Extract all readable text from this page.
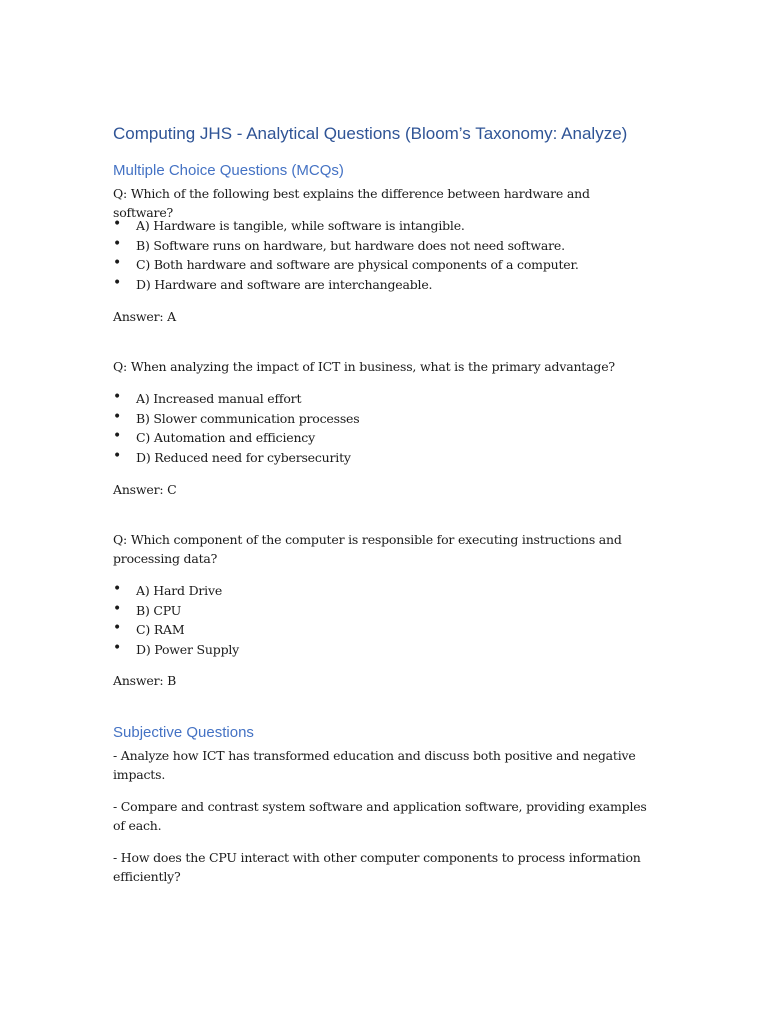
Computing JHS - Analytical Questions (Bloom’s Taxonomy: Analyze)
Multiple Choice Questions (MCQs)

Q: Which of the following best explains the difference between hardware and software?

• A) Hardware is tangible, while software is intangible.
• B) Software runs on hardware, but hardware does not need software.
• C) Both hardware and software are physical components of a computer.
• D) Hardware and software are interchangeable.

Answer: A

Q: When analyzing the impact of ICT in business, what is the primary advantage?

• A) Increased manual effort
• B) Slower communication processes
• C) Automation and efficiency
• D) Reduced need for cybersecurity

Answer: C

Q: Which component of the computer is responsible for executing instructions and processing data?

• A) Hard Drive
• B) CPU
• C) RAM
• D) Power Supply

Answer: B

Subjective Questions

- Analyze how ICT has transformed education and discuss both positive and negative impacts.

- Compare and contrast system software and application software, providing examples of each.

- How does the CPU interact with other computer components to process information efficiently?
